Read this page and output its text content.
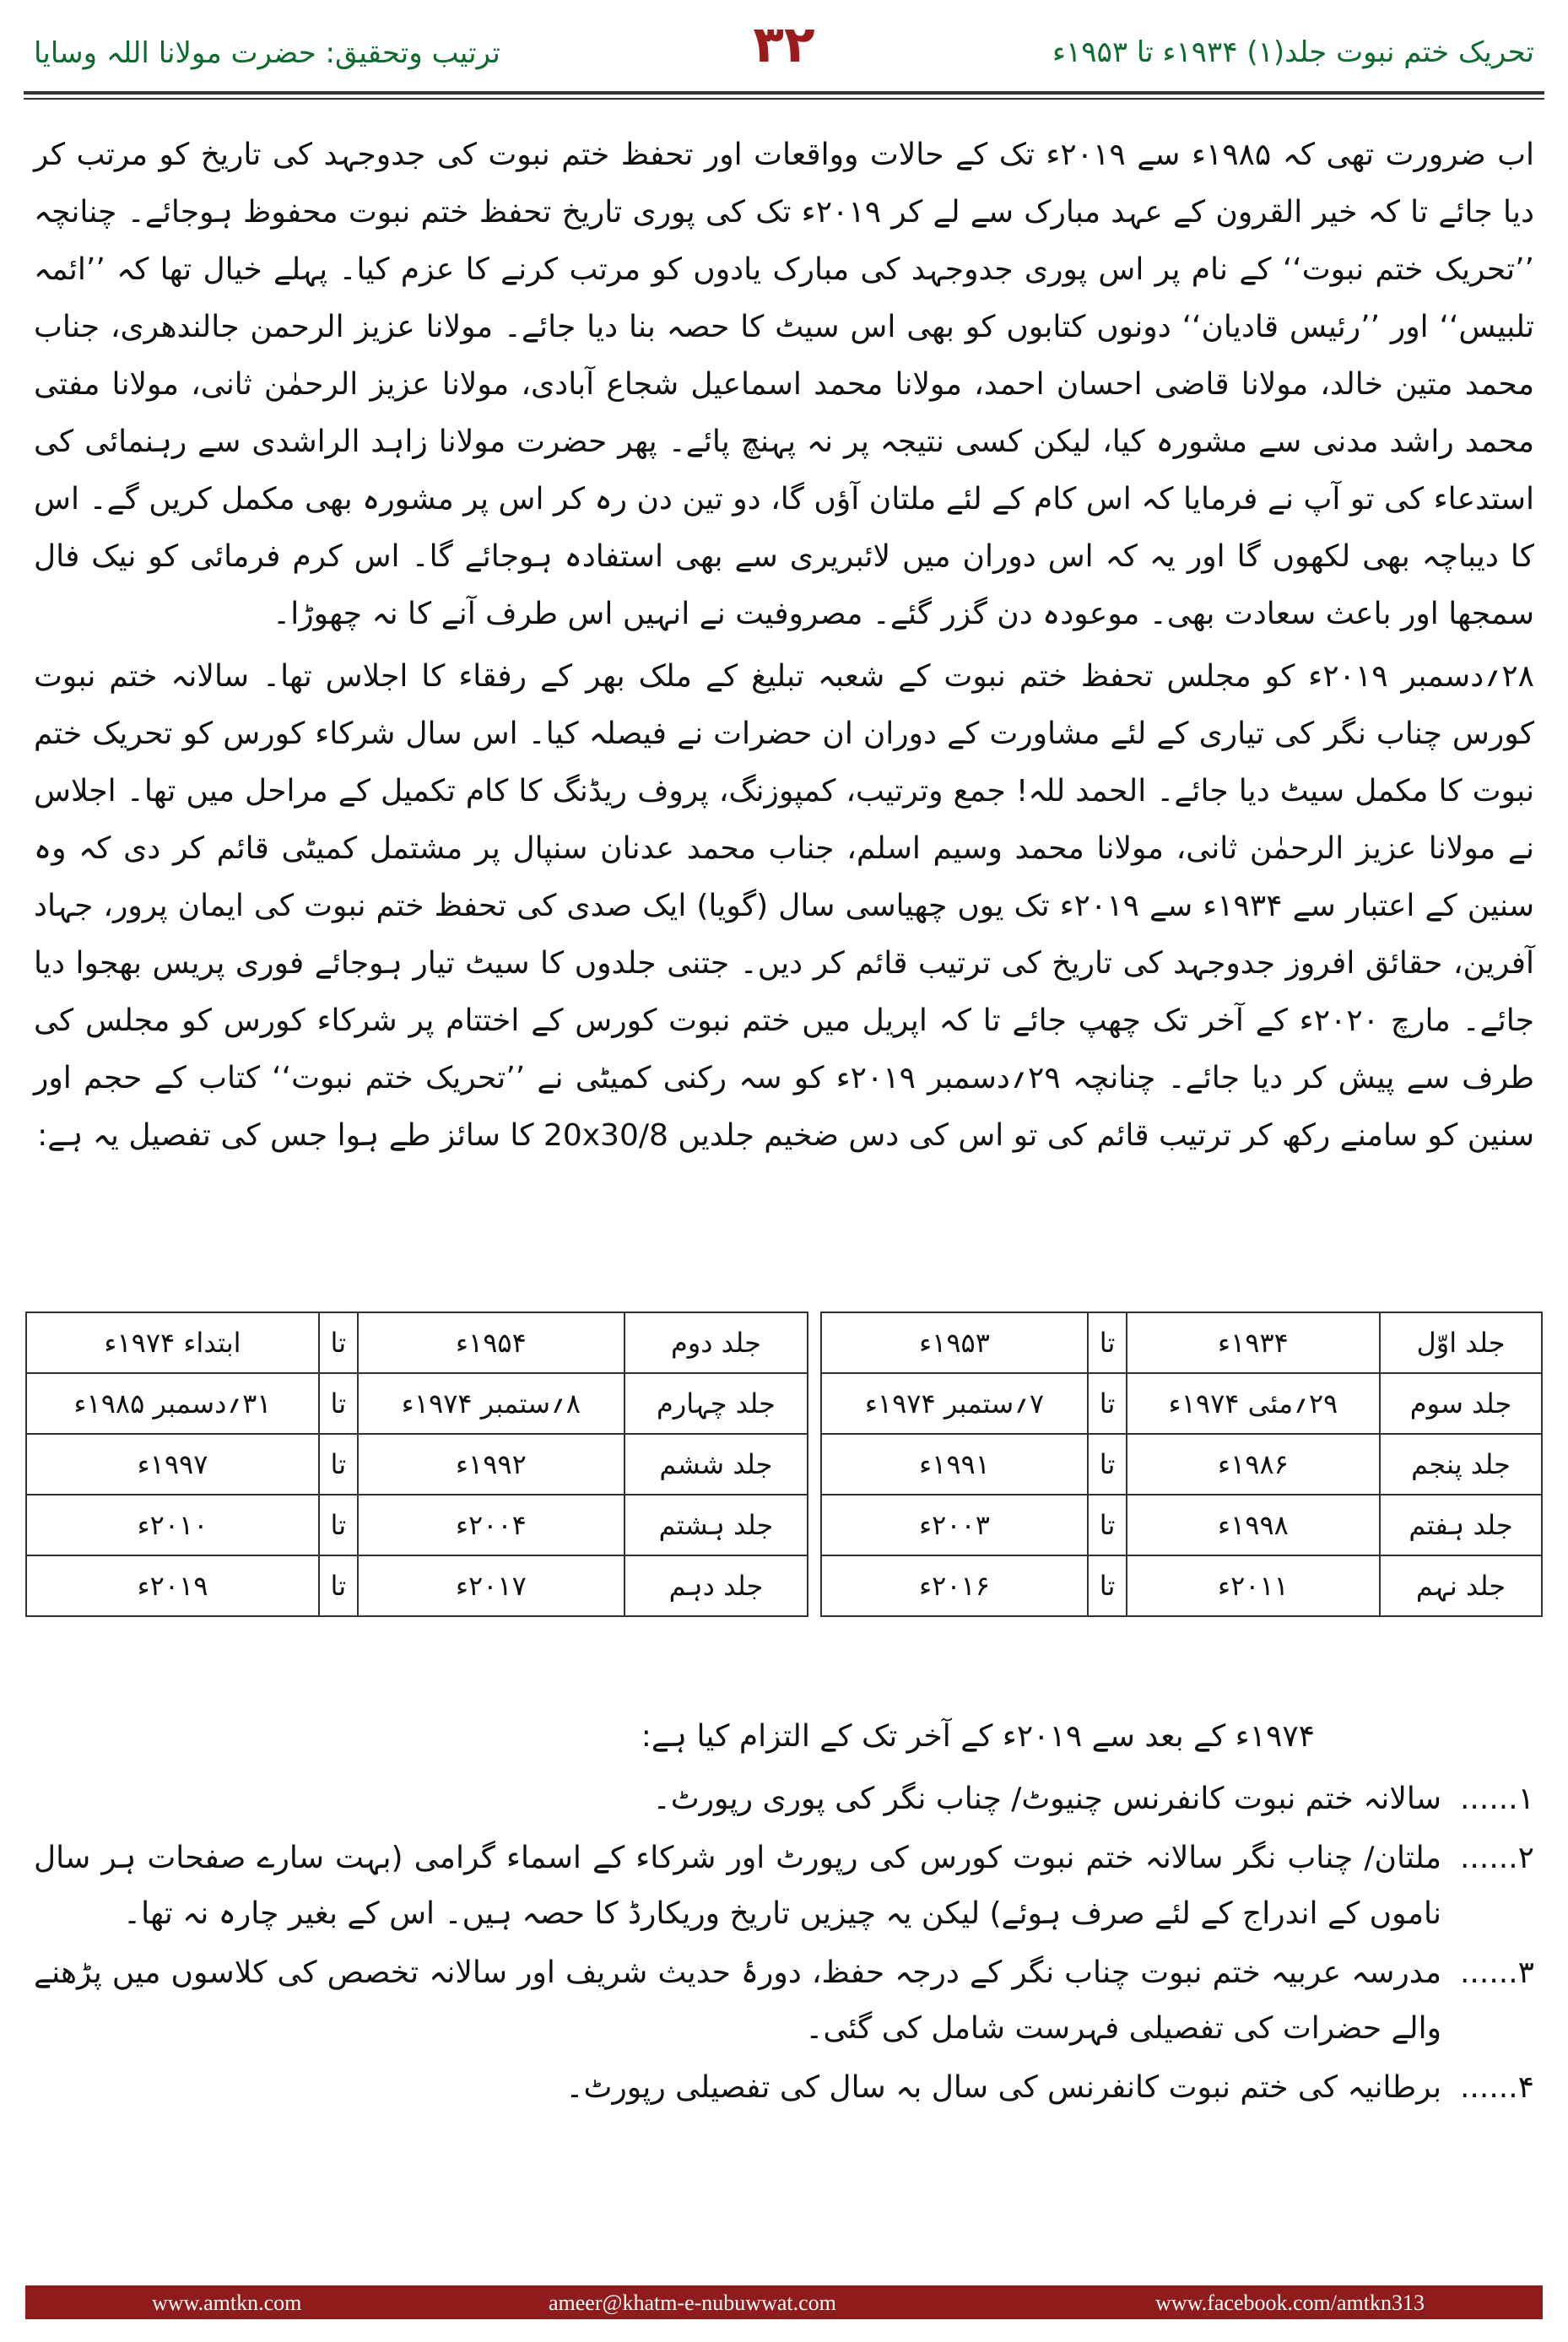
تحریک ختم نبوت جلد(۱) ۱۹۳۴ء تا ۱۹۵۳ء
۳۲
ترتیب وتحقیق: حضرت مولانا اللہ وسایا

اب ضرورت تھی کہ ۱۹۸۵ء سے ۲۰۱۹ء تک کے حالات وواقعات اور تحفظ ختم نبوت کی جدوجہد کی تاریخ کو مرتب کر دیا جائے تا کہ خیر القرون کے عہد مبارک سے لے کر ۲۰۱۹ء تک کی پوری تاریخ تحفظ ختم نبوت محفوظ ہوجائے۔ چنانچہ ’’تحریک ختم نبوت‘‘ کے نام پر اس پوری جدوجہد کی مبارک یادوں کو مرتب کرنے کا عزم کیا۔ پہلے خیال تھا کہ ’’ائمہ تلبیس‘‘ اور ’’رئیس قادیان‘‘ دونوں کتابوں کو بھی اس سیٹ کا حصہ بنا دیا جائے۔ مولانا عزیز الرحمن جالندھری، جناب محمد متین خالد، مولانا قاضی احسان احمد، مولانا محمد اسماعیل شجاع آبادی، مولانا عزیز الرحمٰن ثانی، مولانا مفتی محمد راشد مدنی سے مشورہ کیا، لیکن کسی نتیجہ پر نہ پہنچ پائے۔ پھر حضرت مولانا زاہد الراشدی سے رہنمائی کی استدعاء کی تو آپ نے فرمایا کہ اس کام کے لئے ملتان آؤں گا، دو تین دن رہ کر اس پر مشورہ بھی مکمل کریں گے۔ اس کا دیباچہ بھی لکھوں گا اور یہ کہ اس دوران میں لائبریری سے بھی استفادہ ہوجائے گا۔ اس کرم فرمائی کو نیک فال سمجھا اور باعث سعادت بھی۔ موعودہ دن گزر گئے۔ مصروفیت نے انہیں اس طرف آنے کا نہ چھوڑا۔

۲۸؍دسمبر ۲۰۱۹ء کو مجلس تحفظ ختم نبوت کے شعبہ تبلیغ کے ملک بھر کے رفقاء کا اجلاس تھا۔ سالانہ ختم نبوت کورس چناب نگر کی تیاری کے لئے مشاورت کے دوران ان حضرات نے فیصلہ کیا۔ اس سال شرکاء کورس کو تحریک ختم نبوت کا مکمل سیٹ دیا جائے۔ الحمد للہ! جمع وترتیب، کمپوزنگ، پروف ریڈنگ کا کام تکمیل کے مراحل میں تھا۔ اجلاس نے مولانا عزیز الرحمٰن ثانی، مولانا محمد وسیم اسلم، جناب محمد عدنان سنپال پر مشتمل کمیٹی قائم کر دی کہ وہ سنین کے اعتبار سے ۱۹۳۴ء سے ۲۰۱۹ء تک یوں چھیاسی سال (گویا) ایک صدی کی تحفظ ختم نبوت کی ایمان پرور، جہاد آفرین، حقائق افروز جدوجہد کی تاریخ کی ترتیب قائم کر دیں۔ جتنی جلدوں کا سیٹ تیار ہوجائے فوری پریس بھجوا دیا جائے۔ مارچ ۲۰۲۰ء کے آخر تک چھپ جائے تا کہ اپریل میں ختم نبوت کورس کے اختتام پر شرکاء کورس کو مجلس کی طرف سے پیش کر دیا جائے۔ چنانچہ ۲۹؍دسمبر ۲۰۱۹ء کو سہ رکنی کمیٹی نے ’’تحریک ختم نبوت‘‘ کتاب کے حجم اور سنین کو سامنے رکھ کر ترتیب قائم کی تو اس کی دس ضخیم جلدیں 20x30/8 کا سائز طے ہوا جس کی تفصیل یہ ہے:

جلد اوّل	۱۹۳۴ء	تا	۱۹۵۳ء		جلد دوم	۱۹۵۴ء	تا	ابتداء ۱۹۷۴ء
جلد سوم	۲۹؍مئی ۱۹۷۴ء	تا	۷؍ستمبر ۱۹۷۴ء		جلد چہارم	۸؍ستمبر ۱۹۷۴ء	تا	۳۱؍دسمبر ۱۹۸۵ء
جلد پنجم	۱۹۸۶ء	تا	۱۹۹۱ء		جلد ششم	۱۹۹۲ء	تا	۱۹۹۷ء
جلد ہفتم	۱۹۹۸ء	تا	۲۰۰۳ء		جلد ہشتم	۲۰۰۴ء	تا	۲۰۱۰ء
جلد نہم	۲۰۱۱ء	تا	۲۰۱۶ء		جلد دہم	۲۰۱۷ء	تا	۲۰۱۹ء
۱۹۷۴ء کے بعد سے ۲۰۱۹ء کے آخر تک کے التزام کیا ہے:
۱......
سالانہ ختم نبوت کانفرنس چنیوٹ/ چناب نگر کی پوری رپورٹ۔
۲......
ملتان/ چناب نگر سالانہ ختم نبوت کورس کی رپورٹ اور شرکاء کے اسماء گرامی (بہت سارے صفحات ہر سال ناموں کے اندراج کے لئے صرف ہوئے) لیکن یہ چیزیں تاریخ وریکارڈ کا حصہ ہیں۔ اس کے بغیر چارہ نہ تھا۔
۳......
مدرسہ عربیہ ختم نبوت چناب نگر کے درجہ حفظ، دورۂ حدیث شریف اور سالانہ تخصص کی کلاسوں میں پڑھنے والے حضرات کی تفصیلی فہرست شامل کی گئی۔
۴......
برطانیہ کی ختم نبوت کانفرنس کی سال بہ سال کی تفصیلی رپورٹ۔
www.amtkn.com	ameer@khatm-e-nubuwwat.com	www.facebook.com/amtkn313
